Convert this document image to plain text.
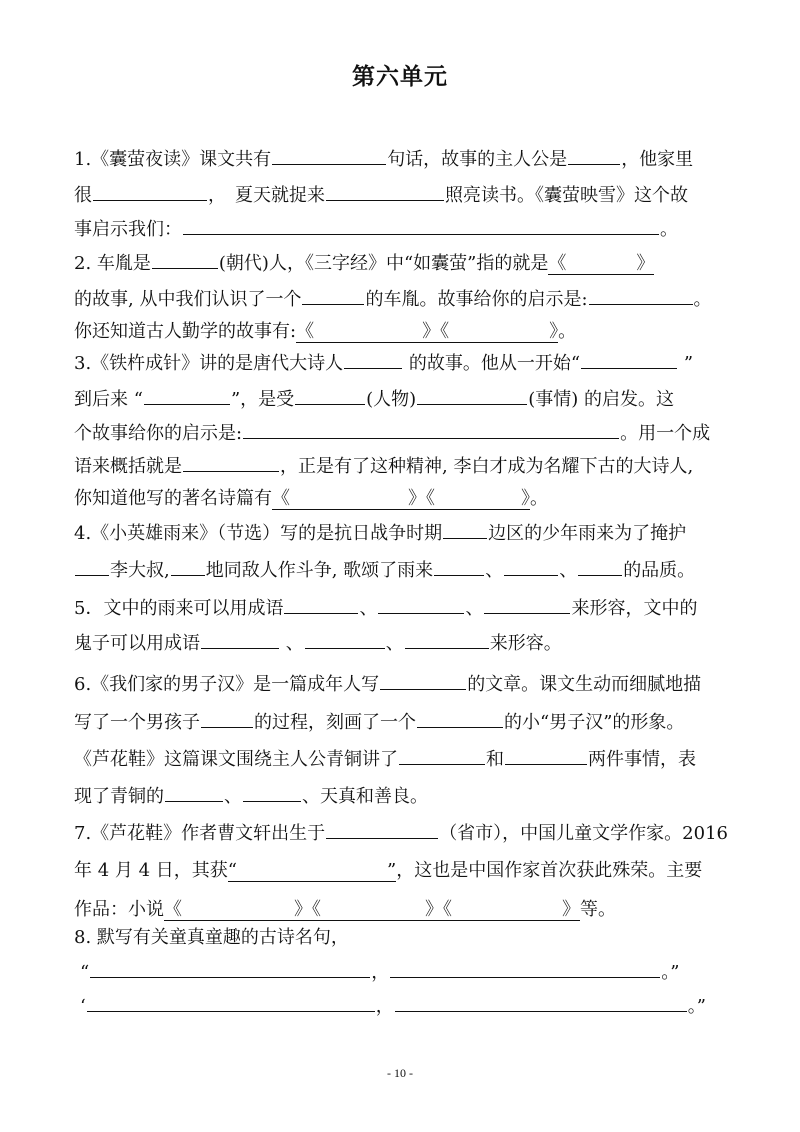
第六单元
1.《囊萤夜读》课文共有	句话，故事的主人公是	，他家里
很	，　夏天就捉来	照亮读书。《囊萤映雪》这个故
事启示我们：	。
2. 车胤是	(朝代)人，《三字经》中“如囊萤”指的就是《	》
的故事, 从中我们认识了一个	的车胤。故事给你的启示是:	。
你还知道古人勤学的故事有:《	》《	》。
3.《铁杵成针》讲的是唐代大诗人	的故事。他从一开始“	”
到后来 “	”，是受	(人物)	(事情) 的启发。这
个故事给你的启示是:	。用一个成
语来概括就是	，正是有了这种精神, 李白才成为名耀下古的大诗人,
你知道他写的著名诗篇有《	》《	》。
4.《小英雄雨来》（节选）写的是抗日战争时期	边区的少年雨来为了掩护
李大叔, 地同敌人作斗争, 歌颂了雨来	、	、	的品质。
5．文中的雨来可以用成语	、	、	来形容，文中的
鬼子可以用成语	、	、	来形容。
6.《我们家的男子汉》是一篇成年人写	的文章。课文生动而细腻地描
写了一个男孩子	的过程，刻画了一个	的小“男子汉”的形象。
《芦花鞋》这篇课文围绕主人公青铜讲了	和	两件事情，表
现了青铜的	、	、天真和善良。
7.《芦花鞋》作者曹文轩出生于	（省市），中国儿童文学作家。2016
年 4 月 4 日，其获“	”，这也是中国作家首次获此殊荣。主要
作品：小说《	》《	》《	》等。
8. 默写有关童真童趣的古诗名句，
“	，	。”
‘	，	。”
- 10 -
